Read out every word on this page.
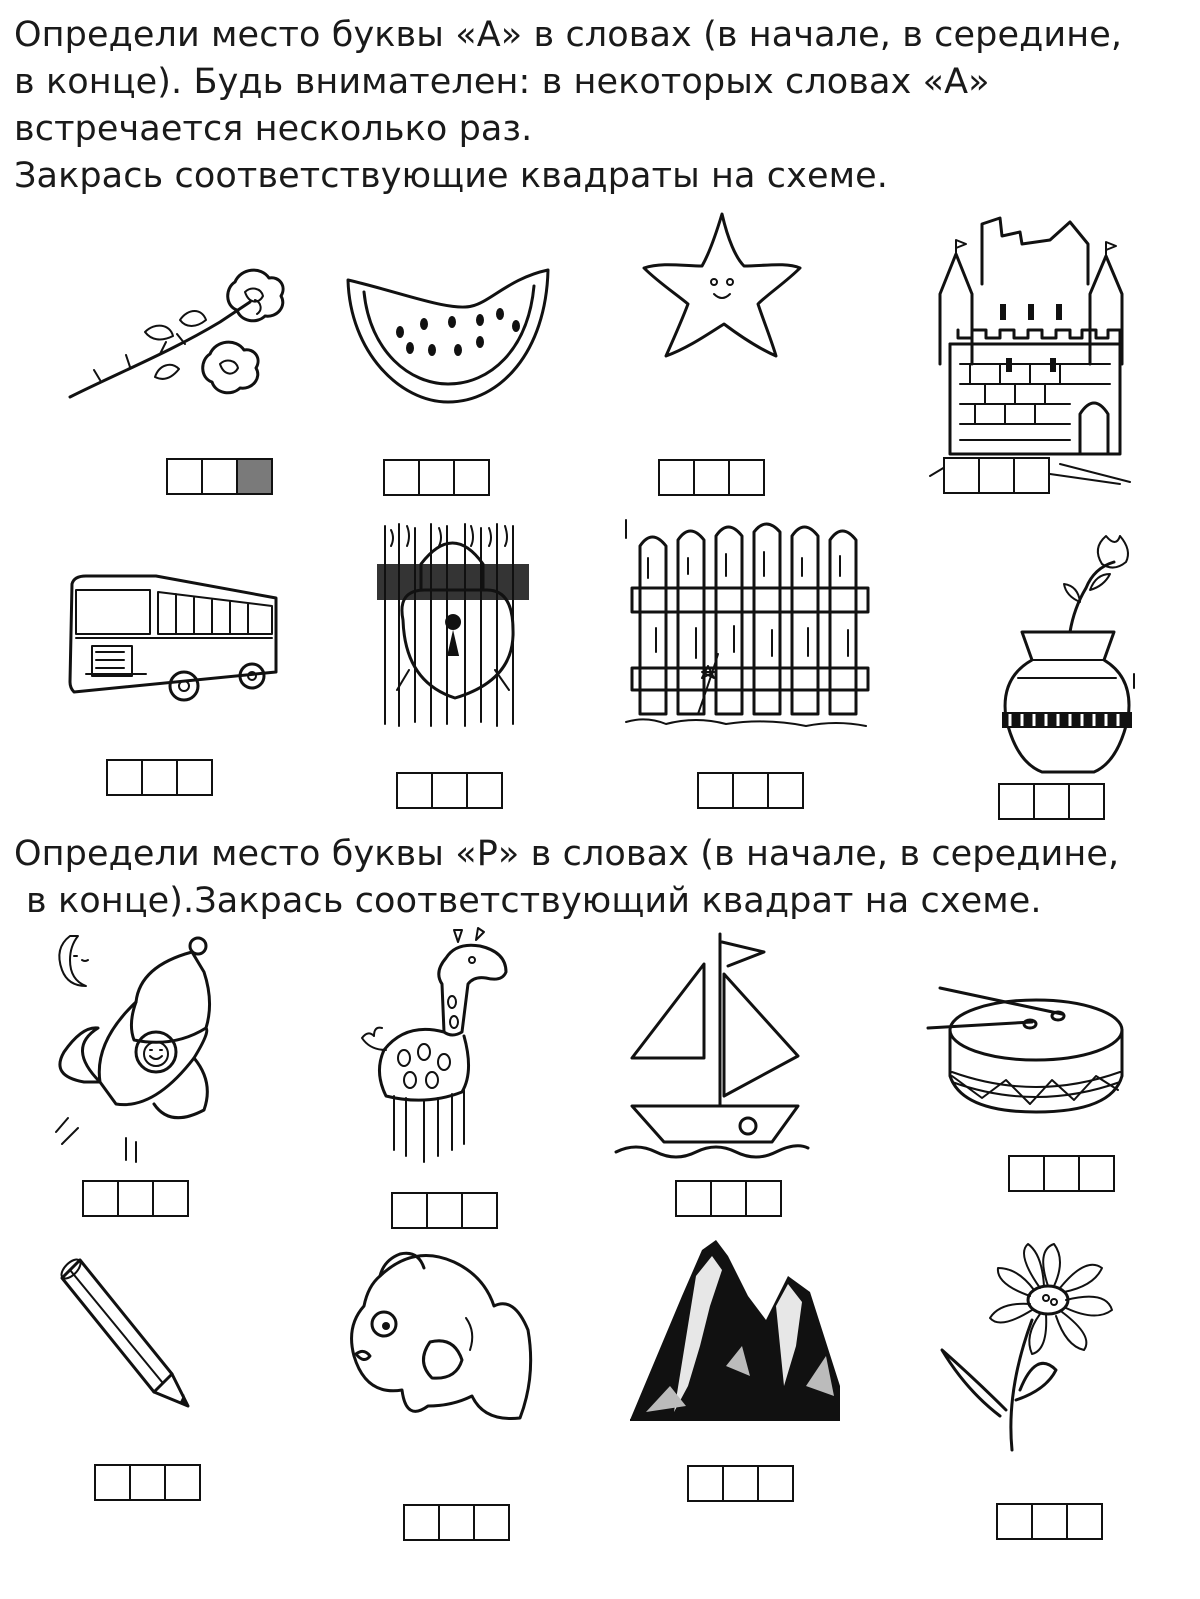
Определи место буквы «А» в словах (в начале, в середине,
в конце). Будь внимателен: в некоторых словах «А»
встречается несколько раз.
Закрась соответствующие квадраты на схеме.

Определи место буквы «Р» в словах (в начале, в середине,
в конце).Закрась соответствующий квадрат на схеме.
